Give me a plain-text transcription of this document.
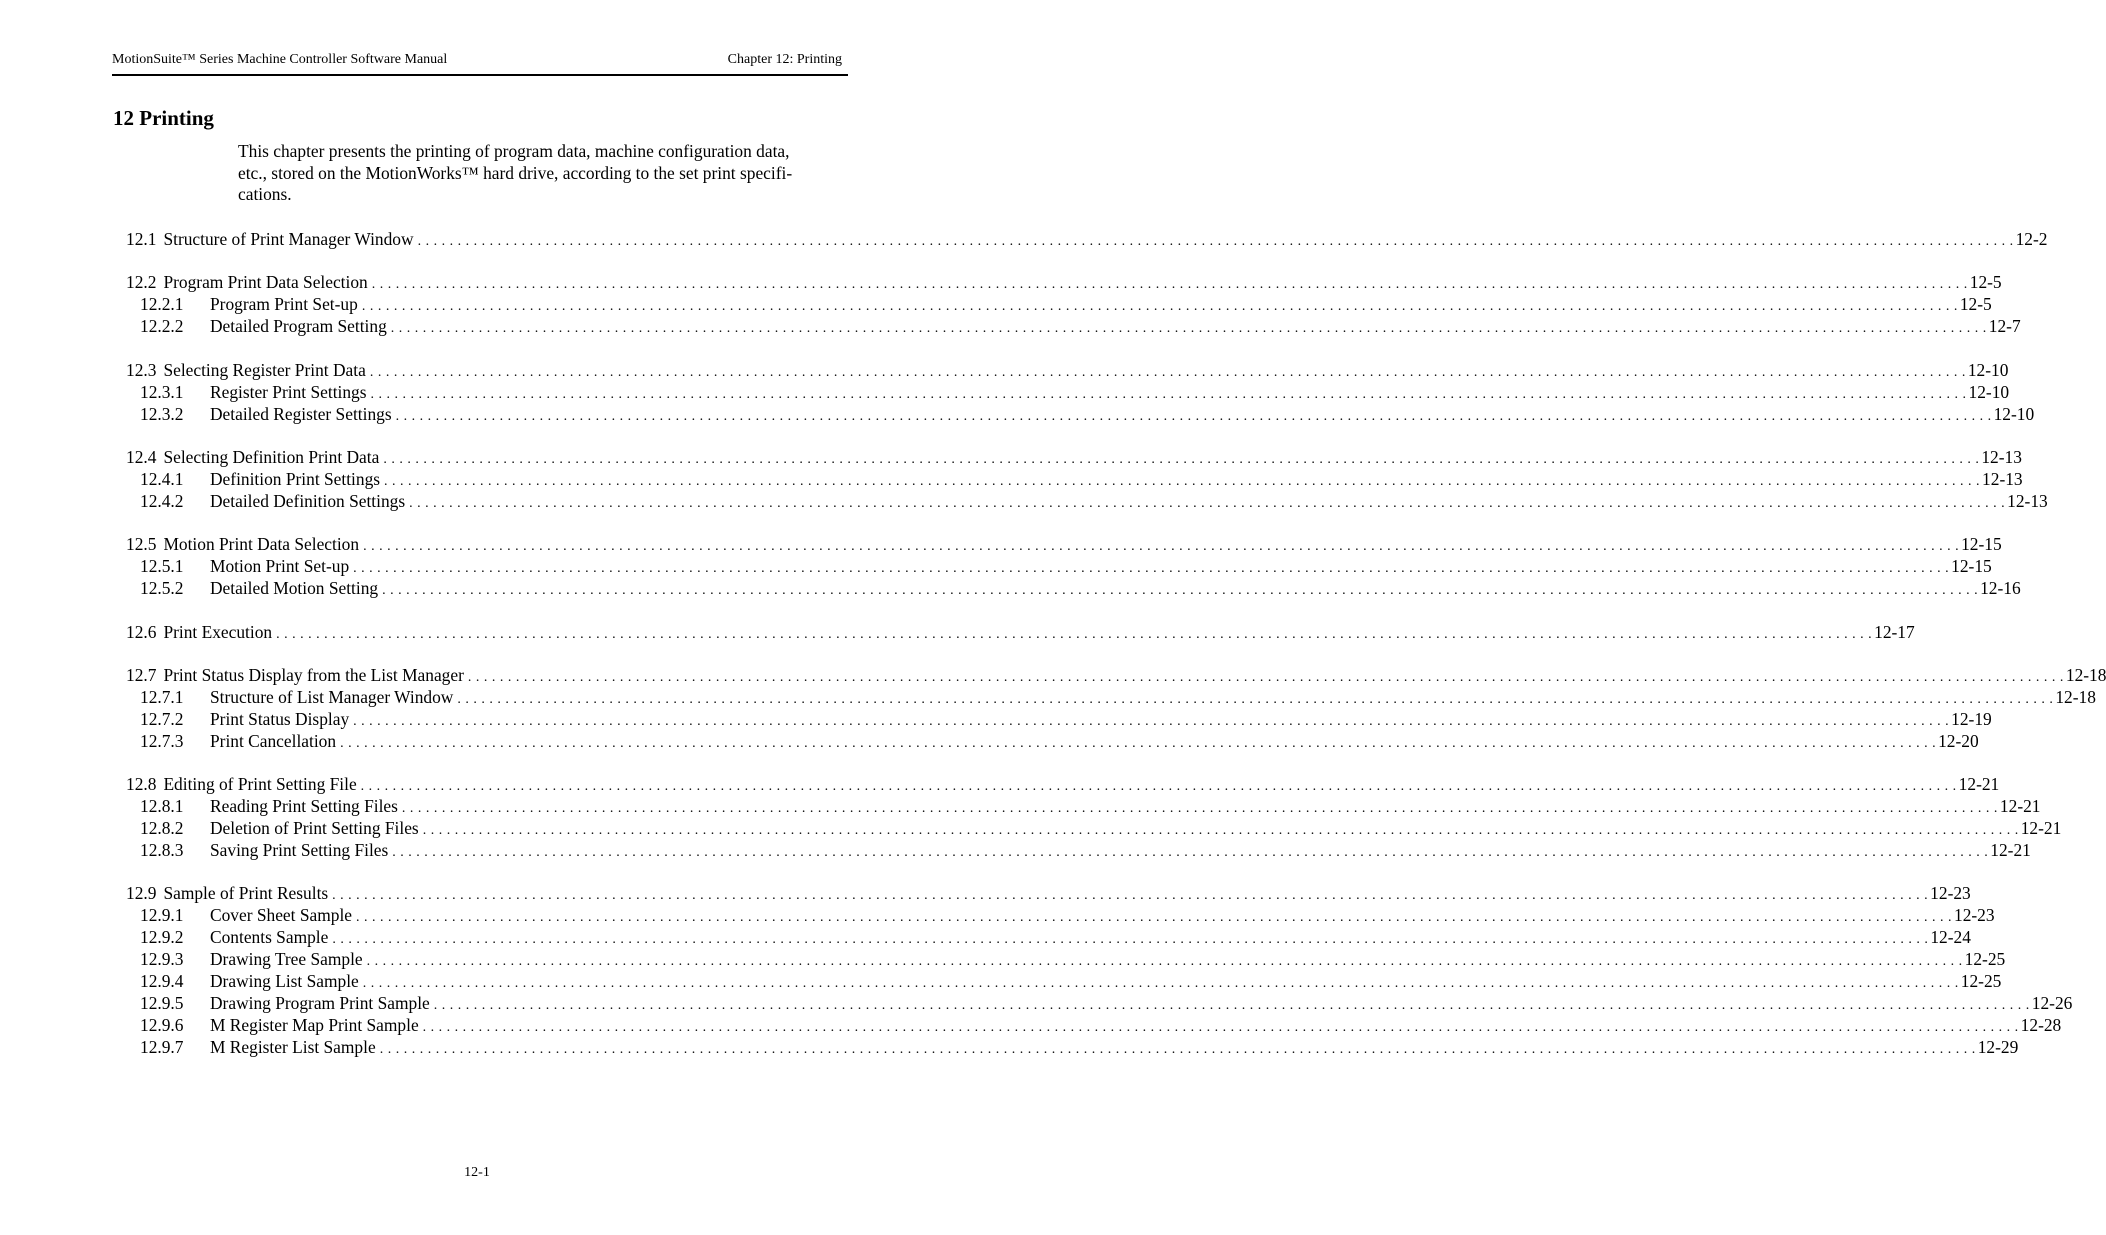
MotionSuite™ Series Machine Controller Software Manual	Chapter 12: Printing
12 Printing

This chapter presents the printing of program data, machine configuration data,
etc., stored on the MotionWorks™ hard drive, according to the set print specifi-
cations.

12.1 Structure of Print Manager Window . . . . . . . . . . . . . . . . . . . . . . . . . . . . . . . . . . . . . . . . . . . . . . . . . . . . . . . . . . . . . . . . . . . . . . . . . . . . . . . . . . . . . . . . . . . . . . . . . . . . . . . . . . . . . . . . . . . . . . . . . . . . . . . . . . . . . . . . . . . . . . . . . . . . . . . . . . . . . . . . . . . . . . . . . . . . . . . . . . . . . . . . . . . . . . . . . . . . . . . . 12-2
12.2 Program Print Data Selection . . . . . . . . . . . . . . . . . . . . . . . . . . . . . . . . . . . . . . . . . . . . . . . . . . . . . . . . . . . . . . . . . . . . . . . . . . . . . . . . . . . . . . . . . . . . . . . . . . . . . . . . . . . . . . . . . . . . . . . . . . . . . . . . . . . . . . . . . . . . . . . . . . . . . . . . . . . . . . . . . . . . . . . . . . . . . . . . . . . . . . . . . . . . . . . . . . . . . . . . 12-5
12.2.1	Program Print Set-up . . . . . . . . . . . . . . . . . . . . . . . . . . . . . . . . . . . . . . . . . . . . . . . . . . . . . . . . . . . . . . . . . . . . . . . . . . . . . . . . . . . . . . . . . . . . . . . . . . . . . . . . . . . . . . . . . . . . . . . . . . . . . . . . . . . . . . . . . . . . . . . . . . . . . . . . . . . . . . . . . . . . . . . . . . . . . . . . . . . . . . . . . . . . . . . . . . . . . . . . 12-5
12.2.2	Detailed Program Setting . . . . . . . . . . . . . . . . . . . . . . . . . . . . . . . . . . . . . . . . . . . . . . . . . . . . . . . . . . . . . . . . . . . . . . . . . . . . . . . . . . . . . . . . . . . . . . . . . . . . . . . . . . . . . . . . . . . . . . . . . . . . . . . . . . . . . . . . . . . . . . . . . . . . . . . . . . . . . . . . . . . . . . . . . . . . . . . . . . . . . . . . . . . . . . . . . . . . . . . . 12-7
12.3 Selecting Register Print Data . . . . . . . . . . . . . . . . . . . . . . . . . . . . . . . . . . . . . . . . . . . . . . . . . . . . . . . . . . . . . . . . . . . . . . . . . . . . . . . . . . . . . . . . . . . . . . . . . . . . . . . . . . . . . . . . . . . . . . . . . . . . . . . . . . . . . . . . . . . . . . . . . . . . . . . . . . . . . . . . . . . . . . . . . . . . . . . . . . . . . . . . . . . . . . . . . . . . . . . . 12-10
12.3.1	Register Print Settings . . . . . . . . . . . . . . . . . . . . . . . . . . . . . . . . . . . . . . . . . . . . . . . . . . . . . . . . . . . . . . . . . . . . . . . . . . . . . . . . . . . . . . . . . . . . . . . . . . . . . . . . . . . . . . . . . . . . . . . . . . . . . . . . . . . . . . . . . . . . . . . . . . . . . . . . . . . . . . . . . . . . . . . . . . . . . . . . . . . . . . . . . . . . . . . . . . . . . . . . 12-10
12.3.2	Detailed Register Settings . . . . . . . . . . . . . . . . . . . . . . . . . . . . . . . . . . . . . . . . . . . . . . . . . . . . . . . . . . . . . . . . . . . . . . . . . . . . . . . . . . . . . . . . . . . . . . . . . . . . . . . . . . . . . . . . . . . . . . . . . . . . . . . . . . . . . . . . . . . . . . . . . . . . . . . . . . . . . . . . . . . . . . . . . . . . . . . . . . . . . . . . . . . . . . . . . . . . . . . . 12-10
12.4 Selecting Definition Print Data . . . . . . . . . . . . . . . . . . . . . . . . . . . . . . . . . . . . . . . . . . . . . . . . . . . . . . . . . . . . . . . . . . . . . . . . . . . . . . . . . . . . . . . . . . . . . . . . . . . . . . . . . . . . . . . . . . . . . . . . . . . . . . . . . . . . . . . . . . . . . . . . . . . . . . . . . . . . . . . . . . . . . . . . . . . . . . . . . . . . . . . . . . . . . . . . . . . . . . . . 12-13
12.4.1	Definition Print Settings . . . . . . . . . . . . . . . . . . . . . . . . . . . . . . . . . . . . . . . . . . . . . . . . . . . . . . . . . . . . . . . . . . . . . . . . . . . . . . . . . . . . . . . . . . . . . . . . . . . . . . . . . . . . . . . . . . . . . . . . . . . . . . . . . . . . . . . . . . . . . . . . . . . . . . . . . . . . . . . . . . . . . . . . . . . . . . . . . . . . . . . . . . . . . . . . . . . . . . . . 12-13
12.4.2	Detailed Definition Settings . . . . . . . . . . . . . . . . . . . . . . . . . . . . . . . . . . . . . . . . . . . . . . . . . . . . . . . . . . . . . . . . . . . . . . . . . . . . . . . . . . . . . . . . . . . . . . . . . . . . . . . . . . . . . . . . . . . . . . . . . . . . . . . . . . . . . . . . . . . . . . . . . . . . . . . . . . . . . . . . . . . . . . . . . . . . . . . . . . . . . . . . . . . . . . . . . . . . . . . . 12-13
12.5 Motion Print Data Selection . . . . . . . . . . . . . . . . . . . . . . . . . . . . . . . . . . . . . . . . . . . . . . . . . . . . . . . . . . . . . . . . . . . . . . . . . . . . . . . . . . . . . . . . . . . . . . . . . . . . . . . . . . . . . . . . . . . . . . . . . . . . . . . . . . . . . . . . . . . . . . . . . . . . . . . . . . . . . . . . . . . . . . . . . . . . . . . . . . . . . . . . . . . . . . . . . . . . . . . . 12-15
12.5.1	Motion Print Set-up . . . . . . . . . . . . . . . . . . . . . . . . . . . . . . . . . . . . . . . . . . . . . . . . . . . . . . . . . . . . . . . . . . . . . . . . . . . . . . . . . . . . . . . . . . . . . . . . . . . . . . . . . . . . . . . . . . . . . . . . . . . . . . . . . . . . . . . . . . . . . . . . . . . . . . . . . . . . . . . . . . . . . . . . . . . . . . . . . . . . . . . . . . . . . . . . . . . . . . . . 12-15
12.5.2	Detailed Motion Setting . . . . . . . . . . . . . . . . . . . . . . . . . . . . . . . . . . . . . . . . . . . . . . . . . . . . . . . . . . . . . . . . . . . . . . . . . . . . . . . . . . . . . . . . . . . . . . . . . . . . . . . . . . . . . . . . . . . . . . . . . . . . . . . . . . . . . . . . . . . . . . . . . . . . . . . . . . . . . . . . . . . . . . . . . . . . . . . . . . . . . . . . . . . . . . . . . . . . . . . . 12-16
12.6 Print Execution . . . . . . . . . . . . . . . . . . . . . . . . . . . . . . . . . . . . . . . . . . . . . . . . . . . . . . . . . . . . . . . . . . . . . . . . . . . . . . . . . . . . . . . . . . . . . . . . . . . . . . . . . . . . . . . . . . . . . . . . . . . . . . . . . . . . . . . . . . . . . . . . . . . . . . . . . . . . . . . . . . . . . . . . . . . . . . . . . . . . . . . . . . . . . . . . . . . . . . . . 12-17
12.7 Print Status Display from the List Manager . . . . . . . . . . . . . . . . . . . . . . . . . . . . . . . . . . . . . . . . . . . . . . . . . . . . . . . . . . . . . . . . . . . . . . . . . . . . . . . . . . . . . . . . . . . . . . . . . . . . . . . . . . . . . . . . . . . . . . . . . . . . . . . . . . . . . . . . . . . . . . . . . . . . . . . . . . . . . . . . . . . . . . . . . . . . . . . . . . . . . . . . . . . . . . . . . . . . . . . . 12-18
12.7.1	Structure of List Manager Window . . . . . . . . . . . . . . . . . . . . . . . . . . . . . . . . . . . . . . . . . . . . . . . . . . . . . . . . . . . . . . . . . . . . . . . . . . . . . . . . . . . . . . . . . . . . . . . . . . . . . . . . . . . . . . . . . . . . . . . . . . . . . . . . . . . . . . . . . . . . . . . . . . . . . . . . . . . . . . . . . . . . . . . . . . . . . . . . . . . . . . . . . . . . . . . . . . . . . . . . 12-18
12.7.2	Print Status Display . . . . . . . . . . . . . . . . . . . . . . . . . . . . . . . . . . . . . . . . . . . . . . . . . . . . . . . . . . . . . . . . . . . . . . . . . . . . . . . . . . . . . . . . . . . . . . . . . . . . . . . . . . . . . . . . . . . . . . . . . . . . . . . . . . . . . . . . . . . . . . . . . . . . . . . . . . . . . . . . . . . . . . . . . . . . . . . . . . . . . . . . . . . . . . . . . . . . . . . . 12-19
12.7.3	Print Cancellation . . . . . . . . . . . . . . . . . . . . . . . . . . . . . . . . . . . . . . . . . . . . . . . . . . . . . . . . . . . . . . . . . . . . . . . . . . . . . . . . . . . . . . . . . . . . . . . . . . . . . . . . . . . . . . . . . . . . . . . . . . . . . . . . . . . . . . . . . . . . . . . . . . . . . . . . . . . . . . . . . . . . . . . . . . . . . . . . . . . . . . . . . . . . . . . . . . . . . . . . 12-20
12.8 Editing of Print Setting File . . . . . . . . . . . . . . . . . . . . . . . . . . . . . . . . . . . . . . . . . . . . . . . . . . . . . . . . . . . . . . . . . . . . . . . . . . . . . . . . . . . . . . . . . . . . . . . . . . . . . . . . . . . . . . . . . . . . . . . . . . . . . . . . . . . . . . . . . . . . . . . . . . . . . . . . . . . . . . . . . . . . . . . . . . . . . . . . . . . . . . . . . . . . . . . . . . . . . . . . 12-21
12.8.1	Reading Print Setting Files . . . . . . . . . . . . . . . . . . . . . . . . . . . . . . . . . . . . . . . . . . . . . . . . . . . . . . . . . . . . . . . . . . . . . . . . . . . . . . . . . . . . . . . . . . . . . . . . . . . . . . . . . . . . . . . . . . . . . . . . . . . . . . . . . . . . . . . . . . . . . . . . . . . . . . . . . . . . . . . . . . . . . . . . . . . . . . . . . . . . . . . . . . . . . . . . . . . . . . . . 12-21
12.8.2	Deletion of Print Setting Files . . . . . . . . . . . . . . . . . . . . . . . . . . . . . . . . . . . . . . . . . . . . . . . . . . . . . . . . . . . . . . . . . . . . . . . . . . . . . . . . . . . . . . . . . . . . . . . . . . . . . . . . . . . . . . . . . . . . . . . . . . . . . . . . . . . . . . . . . . . . . . . . . . . . . . . . . . . . . . . . . . . . . . . . . . . . . . . . . . . . . . . . . . . . . . . . . . . . . . . . 12-21
12.8.3	Saving Print Setting Files . . . . . . . . . . . . . . . . . . . . . . . . . . . . . . . . . . . . . . . . . . . . . . . . . . . . . . . . . . . . . . . . . . . . . . . . . . . . . . . . . . . . . . . . . . . . . . . . . . . . . . . . . . . . . . . . . . . . . . . . . . . . . . . . . . . . . . . . . . . . . . . . . . . . . . . . . . . . . . . . . . . . . . . . . . . . . . . . . . . . . . . . . . . . . . . . . . . . . . . . 12-21
12.9 Sample of Print Results . . . . . . . . . . . . . . . . . . . . . . . . . . . . . . . . . . . . . . . . . . . . . . . . . . . . . . . . . . . . . . . . . . . . . . . . . . . . . . . . . . . . . . . . . . . . . . . . . . . . . . . . . . . . . . . . . . . . . . . . . . . . . . . . . . . . . . . . . . . . . . . . . . . . . . . . . . . . . . . . . . . . . . . . . . . . . . . . . . . . . . . . . . . . . . . . . . . . . . . . 12-23
12.9.1	Cover Sheet Sample . . . . . . . . . . . . . . . . . . . . . . . . . . . . . . . . . . . . . . . . . . . . . . . . . . . . . . . . . . . . . . . . . . . . . . . . . . . . . . . . . . . . . . . . . . . . . . . . . . . . . . . . . . . . . . . . . . . . . . . . . . . . . . . . . . . . . . . . . . . . . . . . . . . . . . . . . . . . . . . . . . . . . . . . . . . . . . . . . . . . . . . . . . . . . . . . . . . . . . . . 12-23
12.9.2	Contents Sample . . . . . . . . . . . . . . . . . . . . . . . . . . . . . . . . . . . . . . . . . . . . . . . . . . . . . . . . . . . . . . . . . . . . . . . . . . . . . . . . . . . . . . . . . . . . . . . . . . . . . . . . . . . . . . . . . . . . . . . . . . . . . . . . . . . . . . . . . . . . . . . . . . . . . . . . . . . . . . . . . . . . . . . . . . . . . . . . . . . . . . . . . . . . . . . . . . . . . . . . 12-24
12.9.3	Drawing Tree Sample . . . . . . . . . . . . . . . . . . . . . . . . . . . . . . . . . . . . . . . . . . . . . . . . . . . . . . . . . . . . . . . . . . . . . . . . . . . . . . . . . . . . . . . . . . . . . . . . . . . . . . . . . . . . . . . . . . . . . . . . . . . . . . . . . . . . . . . . . . . . . . . . . . . . . . . . . . . . . . . . . . . . . . . . . . . . . . . . . . . . . . . . . . . . . . . . . . . . . . . . 12-25
12.9.4	Drawing List Sample . . . . . . . . . . . . . . . . . . . . . . . . . . . . . . . . . . . . . . . . . . . . . . . . . . . . . . . . . . . . . . . . . . . . . . . . . . . . . . . . . . . . . . . . . . . . . . . . . . . . . . . . . . . . . . . . . . . . . . . . . . . . . . . . . . . . . . . . . . . . . . . . . . . . . . . . . . . . . . . . . . . . . . . . . . . . . . . . . . . . . . . . . . . . . . . . . . . . . . . . 12-25
12.9.5	Drawing Program Print Sample . . . . . . . . . . . . . . . . . . . . . . . . . . . . . . . . . . . . . . . . . . . . . . . . . . . . . . . . . . . . . . . . . . . . . . . . . . . . . . . . . . . . . . . . . . . . . . . . . . . . . . . . . . . . . . . . . . . . . . . . . . . . . . . . . . . . . . . . . . . . . . . . . . . . . . . . . . . . . . . . . . . . . . . . . . . . . . . . . . . . . . . . . . . . . . . . . . . . . . . . 12-26
12.9.6	M Register Map Print Sample . . . . . . . . . . . . . . . . . . . . . . . . . . . . . . . . . . . . . . . . . . . . . . . . . . . . . . . . . . . . . . . . . . . . . . . . . . . . . . . . . . . . . . . . . . . . . . . . . . . . . . . . . . . . . . . . . . . . . . . . . . . . . . . . . . . . . . . . . . . . . . . . . . . . . . . . . . . . . . . . . . . . . . . . . . . . . . . . . . . . . . . . . . . . . . . . . . . . . . . . 12-28
12.9.7	M Register List Sample . . . . . . . . . . . . . . . . . . . . . . . . . . . . . . . . . . . . . . . . . . . . . . . . . . . . . . . . . . . . . . . . . . . . . . . . . . . . . . . . . . . . . . . . . . . . . . . . . . . . . . . . . . . . . . . . . . . . . . . . . . . . . . . . . . . . . . . . . . . . . . . . . . . . . . . . . . . . . . . . . . . . . . . . . . . . . . . . . . . . . . . . . . . . . . . . . . . . . . . . 12-29
12-1
